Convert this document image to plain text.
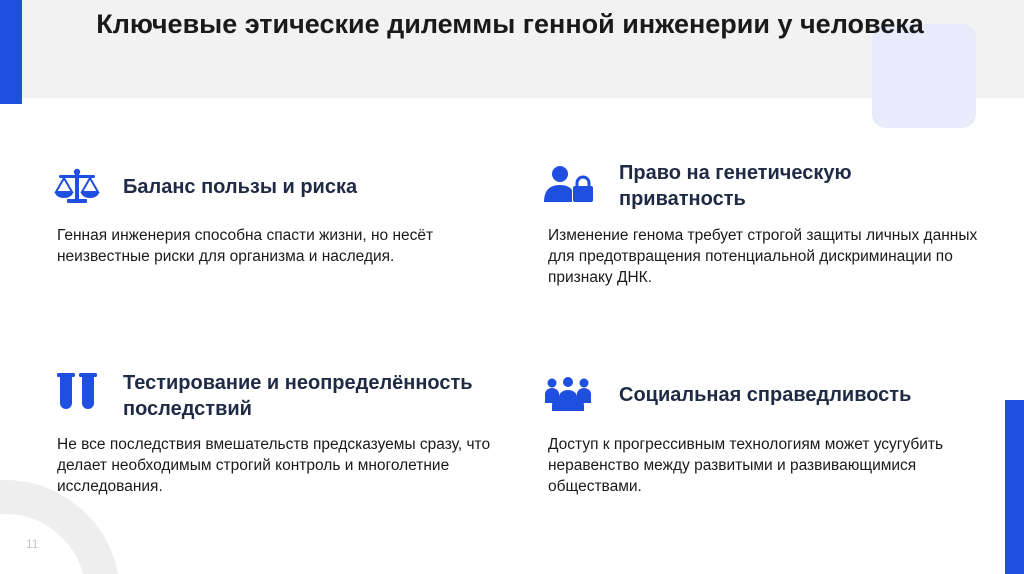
Ключевые этические дилеммы генной инженерии у человека
Баланс пользы и риска
Генная инженерия способна спасти жизни, но несёт неизвестные риски для организма и наследия.
Право на генетическую приватность
Изменение генома требует строгой защиты личных данных для предотвращения потенциальной дискриминации по признаку ДНК.
Тестирование и неопределённость последствий
Не все последствия вмешательств предсказуемы сразу, что делает необходимым строгий контроль и многолетние исследования.
Социальная справедливость
Доступ к прогрессивным технологиям может усугубить неравенство между развитыми и развивающимися обществами.
11
